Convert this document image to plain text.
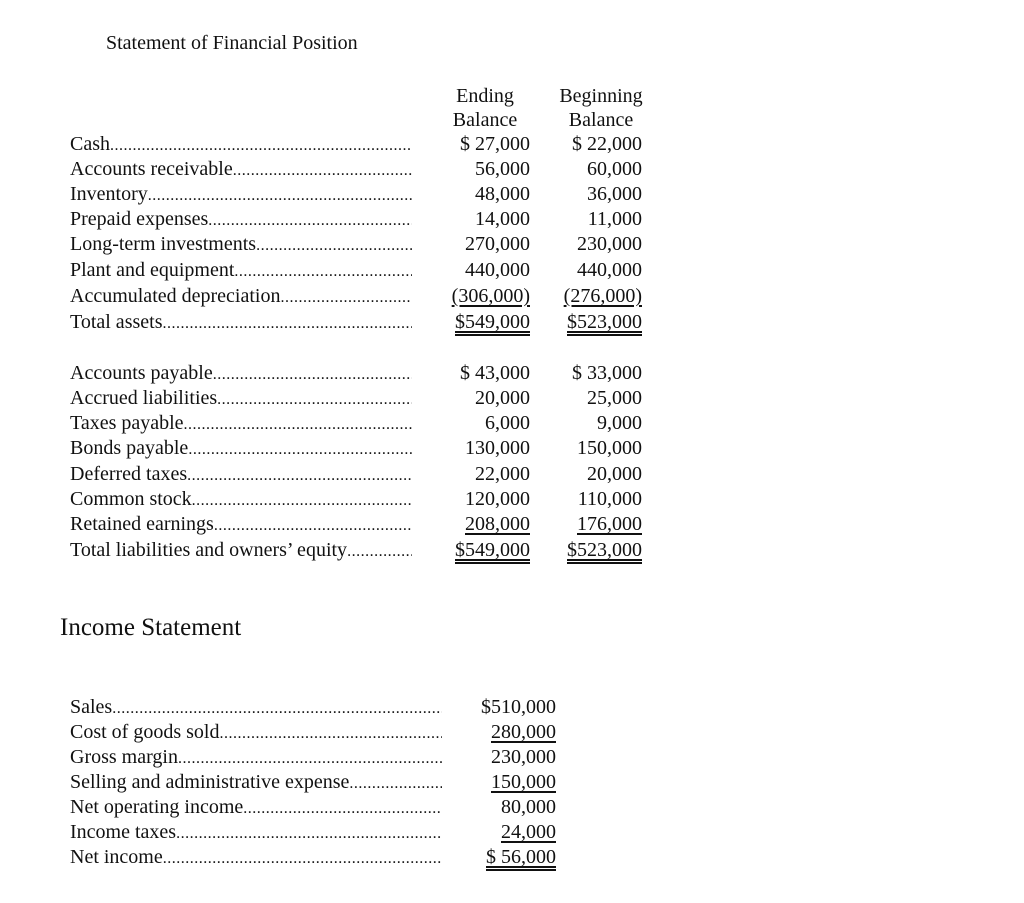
Statement of Financial Position
Ending
Balance
Beginning
Balance
Cash .....	$ 27,000	$ 22,000
Accounts receivable .....	56,000	60,000
Inventory .....	48,000	36,000
Prepaid expenses .....	14,000	11,000
Long-term investments .....	270,000	230,000
Plant and equipment .....	440,000	440,000
Accumulated depreciation .....	(306,000)	(276,000)
Total assets .....	$549,000	$523,000
Accounts payable .....	$ 43,000	$ 33,000
Accrued liabilities .....	20,000	25,000
Taxes payable .....	6,000	9,000
Bonds payable .....	130,000	150,000
Deferred taxes .....	22,000	20,000
Common stock .....	120,000	110,000
Retained earnings .....	208,000	176,000
Total liabilities and owners’ equity .....	$549,000	$523,000
Income Statement
Sales .....	$510,000
Cost of goods sold .....	280,000
Gross margin .....	230,000
Selling and administrative expense .....	150,000
Net operating income .....	80,000
Income taxes .....	24,000
Net income .....	$ 56,000
